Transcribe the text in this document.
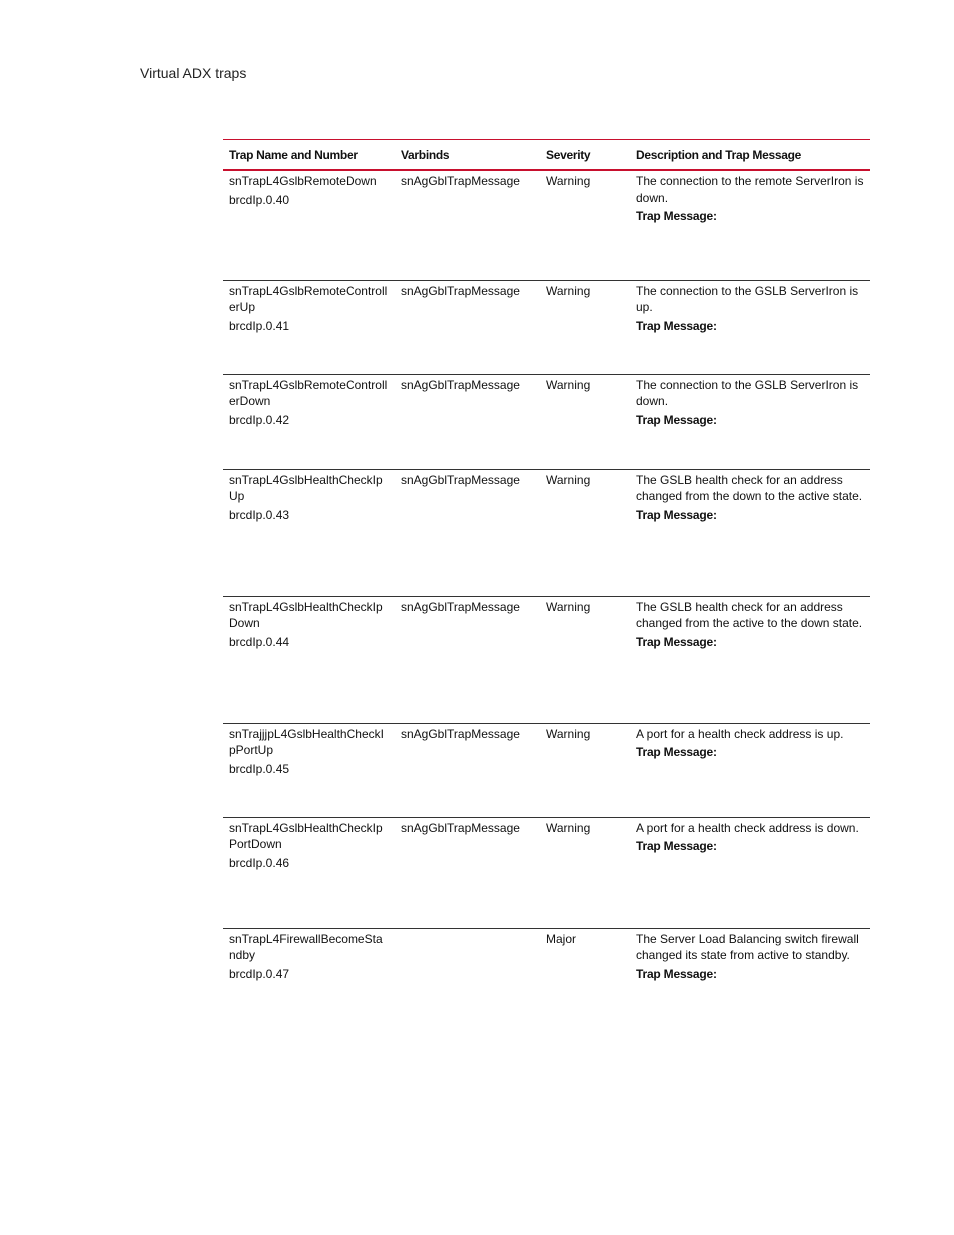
Virtual ADX traps
Trap Name and Number	Varbinds	Severity	Description and Trap Message
snTrapL4GslbRemoteDown
brcdIp.0.40	snAgGblTrapMessage	Warning	The connection to the remote ServerIron is down.
Trap Message:

snTrapL4GslbRemoteControllerUp
brcdIp.0.41	snAgGblTrapMessage	Warning	The connection to the GSLB ServerIron is up.
Trap Message:

snTrapL4GslbRemoteControllerDown
brcdIp.0.42	snAgGblTrapMessage	Warning	The connection to the GSLB ServerIron is down.
Trap Message:

snTrapL4GslbHealthCheckIpUp
brcdIp.0.43	snAgGblTrapMessage	Warning	The GSLB health check for an address changed from the down to the active state.
Trap Message:

snTrapL4GslbHealthCheckIpDown
brcdIp.0.44	snAgGblTrapMessage	Warning	The GSLB health check for an address changed from the active to the down state.
Trap Message:

snTrajjjpL4GslbHealthCheckIpPortUp
brcdIp.0.45	snAgGblTrapMessage	Warning	A port for a health check address is up.
Trap Message:

snTrapL4GslbHealthCheckIpPortDown
brcdIp.0.46	snAgGblTrapMessage	Warning	A port for a health check address is down.
Trap Message:

snTrapL4FirewallBecomeStandby
brcdIp.0.47		Major	The Server Load Balancing switch firewall changed its state from active to standby.
Trap Message:
